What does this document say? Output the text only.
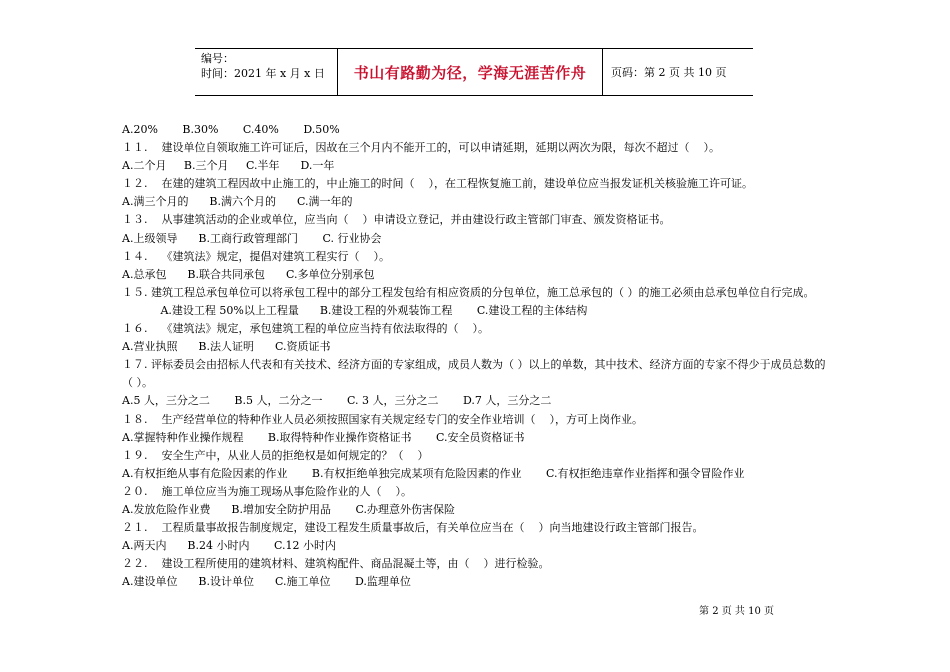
编号：
时间：2021 年 x 月 x 日	书山有路勤为径，学海无涯苦作舟	页码：第 2 页 共 10 页
A.20%       B.30%       C.40%       D.50%
１１.    建设单位自领取施工许可证后，因故在三个月内不能开工的，可以申请延期，延期以两次为限，每次不超过（    ）。
A.二个月     B.三个月     C.半年      D.一年
１２.    在建的建筑工程因故中止施工的，中止施工的时间（    ），在工程恢复施工前，建设单位应当报发证机关核验施工许可证。
A.满三个月的      B.满六个月的      C.满一年的
１３.    从事建筑活动的企业或单位，应当向（    ）申请设立登记，并由建设行政主管部门审查、颁发资格证书。
A.上级领导      B.工商行政管理部门       C. 行业协会
１４.    《建筑法》规定，提倡对建筑工程实行（    ）。
A.总承包      B.联合共同承包      C.多单位分别承包
１５. 建筑工程总承包单位可以将承包工程中的部分工程发包给有相应资质的分包单位，施工总承包的（ ）的施工必须由总承包单位自行完成。
A.建设工程 50%以上工程量      B.建设工程的外观装饰工程       C.建设工程的主体结构
１６.    《建筑法》规定，承包建筑工程的单位应当持有依法取得的（    ）。
A.营业执照      B.法人证明      C.资质证书
１７. 评标委员会由招标人代表和有关技术、经济方面的专家组成，成员人数为（ ）以上的单数，其中技术、经济方面的专家不得少于成员总数的（ ）。
A.5 人，三分之二       B.5 人，二分之一       C. 3 人，三分之二       D.7 人，三分之二
１８.    生产经营单位的特种作业人员必须按照国家有关规定经专门的安全作业培训（    ），方可上岗作业。
A.掌握特种作业操作规程       B.取得特种作业操作资格证书       C.安全员资格证书
１９.    安全生产中，从业人员的拒绝权是如何规定的？（    ）
A.有权拒绝从事有危险因素的作业       B.有权拒绝单独完成某项有危险因素的作业       C.有权拒绝违章作业指挥和强令冒险作业
２０.    施工单位应当为施工现场从事危险作业的人（    ）。
A.发放危险作业费      B.增加安全防护用品       C.办理意外伤害保险
２１.    工程质量事故报告制度规定，建设工程发生质量事故后，有关单位应当在（    ）向当地建设行政主管部门报告。
A.两天内      B.24 小时内       C.12 小时内
２２.    建设工程所使用的建筑材料、建筑构配件、商品混凝土等，由（    ）进行检验。
A.建设单位      B.设计单位      C.施工单位       D.监理单位
第 2 页 共 10 页
